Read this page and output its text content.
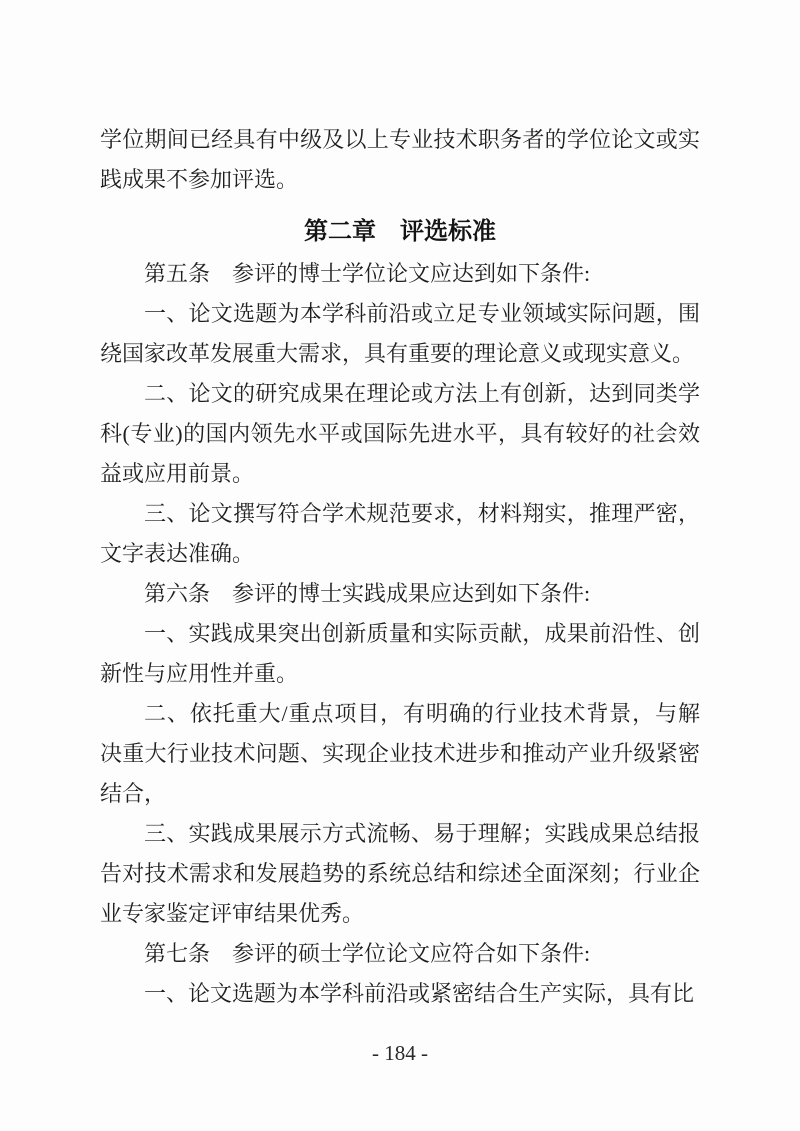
学位期间已经具有中级及以上专业技术职务者的学位论文或实践成果不参加评选。

第二章　评选标准

第五条　参评的博士学位论文应达到如下条件:

一、论文选题为本学科前沿或立足专业领域实际问题，围绕国家改革发展重大需求，具有重要的理论意义或现实意义。

二、论文的研究成果在理论或方法上有创新，达到同类学科(专业)的国内领先水平或国际先进水平，具有较好的社会效益或应用前景。

三、论文撰写符合学术规范要求，材料翔实，推理严密，文字表达准确。

第六条　参评的博士实践成果应达到如下条件:

一、实践成果突出创新质量和实际贡献，成果前沿性、创新性与应用性并重。

二、依托重大/重点项目，有明确的行业技术背景，与解决重大行业技术问题、实现企业技术进步和推动产业升级紧密结合，

三、实践成果展示方式流畅、易于理解；实践成果总结报告对技术需求和发展趋势的系统总结和综述全面深刻；行业企业专家鉴定评审结果优秀。

第七条　参评的硕士学位论文应符合如下条件:

一、论文选题为本学科前沿或紧密结合生产实际，具有比

- 184 -
